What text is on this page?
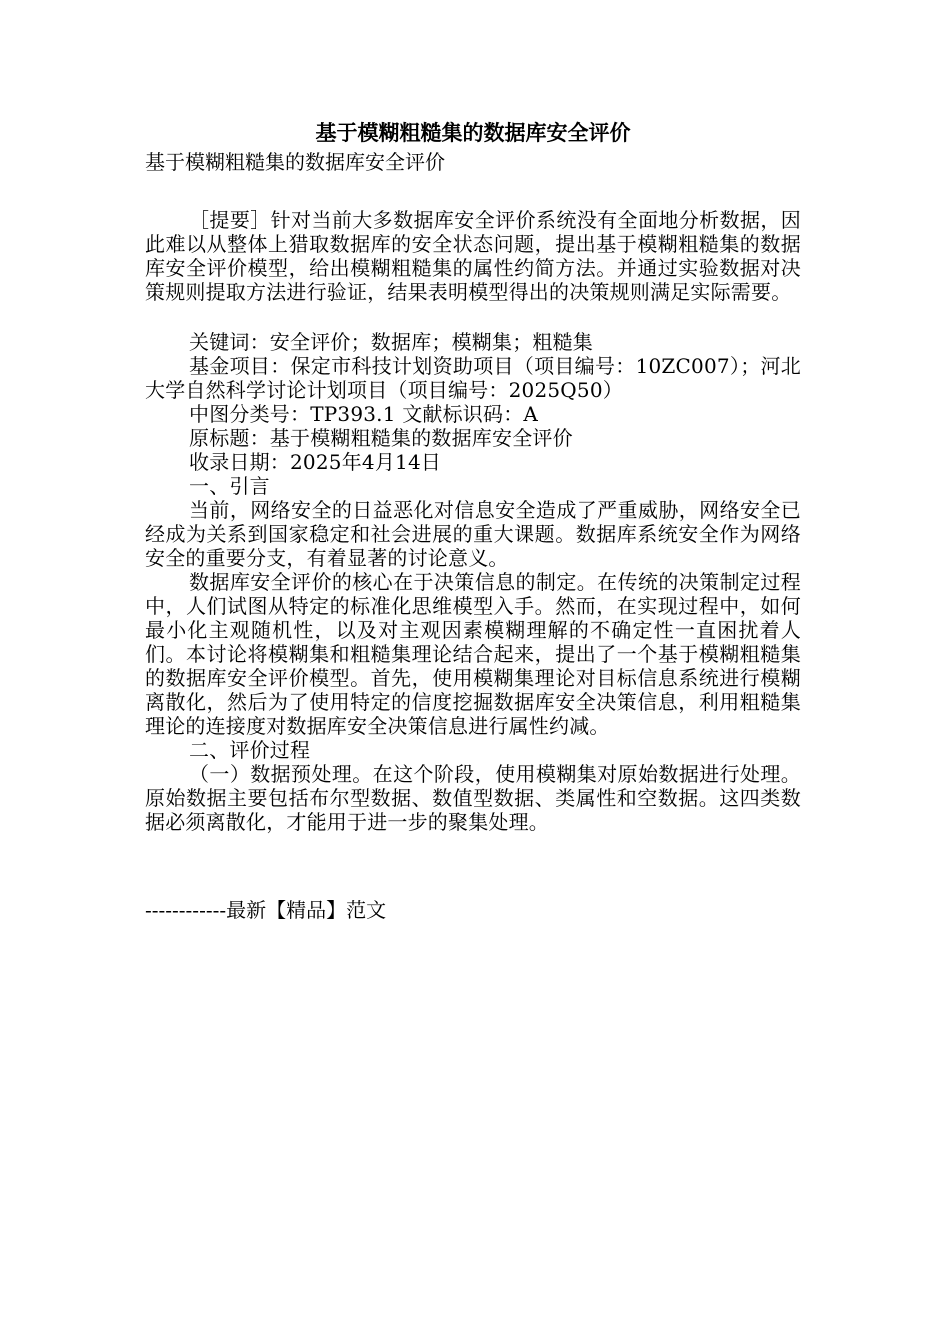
基于模糊粗糙集的数据库安全评价

基于模糊粗糙集的数据库安全评价

［提要］针对当前大多数据库安全评价系统没有全面地分析数据，因此难以从整体上猎取数据库的安全状态问题，提出基于模糊粗糙集的数据库安全评价模型，给出模糊粗糙集的属性约简方法。并通过实验数据对决策规则提取方法进行验证，结果表明模型得出的决策规则满足实际需要。

关键词：安全评价；数据库；模糊集；粗糙集

基金项目：保定市科技计划资助项目（项目编号：10ZC007）；河北大学自然科学讨论计划项目（项目编号：2025Q50）

中图分类号：TP393.1 文献标识码：A

原标题：基于模糊粗糙集的数据库安全评价

收录日期：2025年4月14日

一、引言

当前，网络安全的日益恶化对信息安全造成了严重威胁，网络安全已经成为关系到国家稳定和社会进展的重大课题。数据库系统安全作为网络安全的重要分支，有着显著的讨论意义。

数据库安全评价的核心在于决策信息的制定。在传统的决策制定过程中，人们试图从特定的标准化思维模型入手。然而，在实现过程中，如何最小化主观随机性，以及对主观因素模糊理解的不确定性一直困扰着人们。本讨论将模糊集和粗糙集理论结合起来，提出了一个基于模糊粗糙集的数据库安全评价模型。首先，使用模糊集理论对目标信息系统进行模糊离散化，然后为了使用特定的信度挖掘数据库安全决策信息，利用粗糙集理论的连接度对数据库安全决策信息进行属性约减。

二、评价过程

（一）数据预处理。在这个阶段，使用模糊集对原始数据进行处理。原始数据主要包括布尔型数据、数值型数据、类属性和空数据。这四类数据必须离散化，才能用于进一步的聚集处理。

------------最新【精品】范文
